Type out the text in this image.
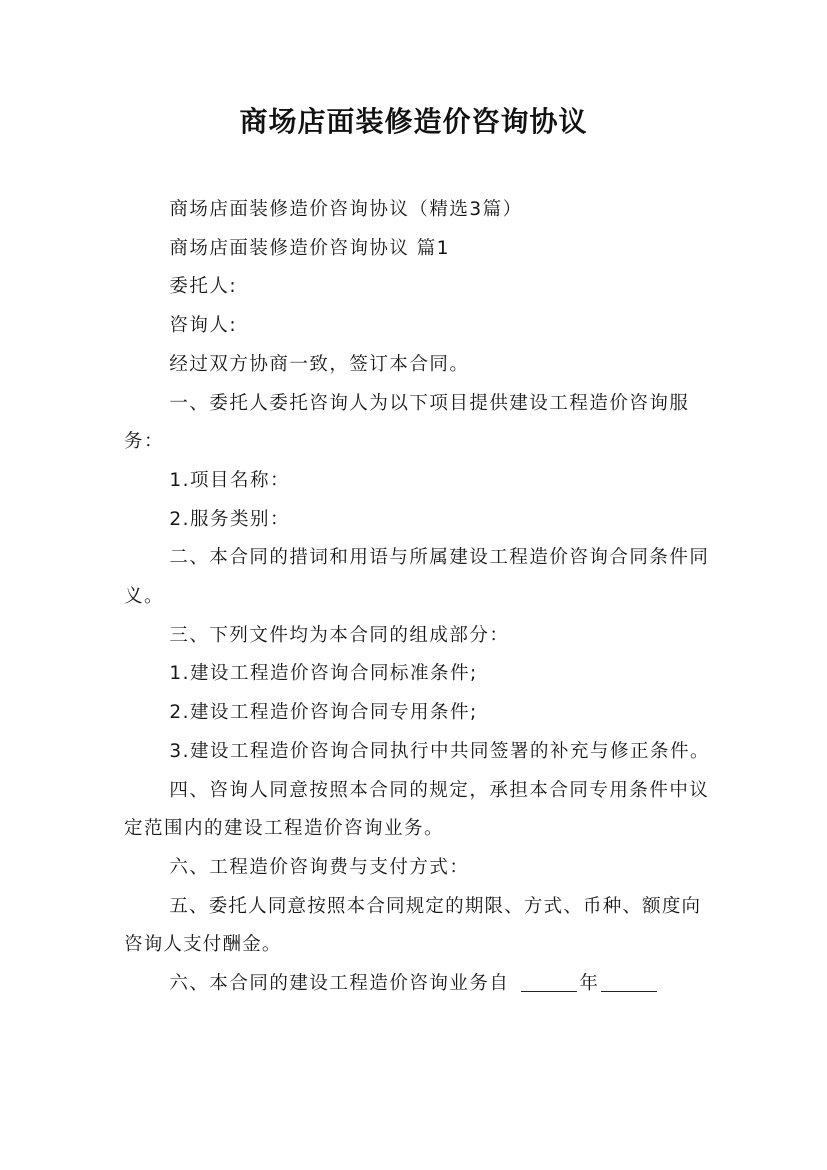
商场店面装修造价咨询协议

商场店面装修造价咨询协议（精选3篇）

商场店面装修造价咨询协议 篇1

委托人:

咨询人:

经过双方协商一致，签订本合同。

一、委托人委托咨询人为以下项目提供建设工程造价咨询服务：

1.项目名称：

2.服务类别：

二、本合同的措词和用语与所属建设工程造价咨询合同条件同义。

三、下列文件均为本合同的组成部分：

1.建设工程造价咨询合同标准条件;

2.建设工程造价咨询合同专用条件;

3.建设工程造价咨询合同执行中共同签署的补充与修正条件。

四、咨询人同意按照本合同的规定，承担本合同专用条件中议定范围内的建设工程造价咨询业务。

六、工程造价咨询费与支付方式：

五、委托人同意按照本合同规定的期限、方式、币种、额度向咨询人支付酬金。

六、本合同的建设工程造价咨询业务自	年
